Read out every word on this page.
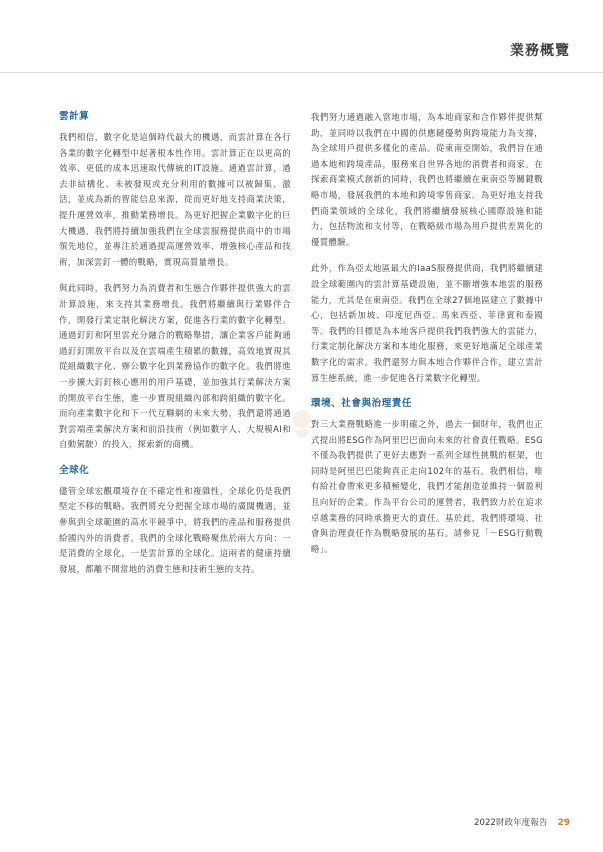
業務概覽
雲計算

我們相信，數字化是這個時代最大的機遇，而雲計算在各行各業的數字化轉型中起著根本性作用。雲計算正在以更高的效率、更低的成本迅速取代傳統的IT設施。通過雲計算，過去非結構化、未被發現或充分利用的數據可以被歸集、激活，並成為新的智能信息來源，從而更好地支持商業決策，提升運營效率，推動業務增長。為更好把握企業數字化的巨大機遇，我們將持續加強我們在全球雲服務提供商中的市場領先地位，並專注於通過提高運營效率、增強核心產品和技術，加深雲釘一體的戰略，實現高質量增長。

與此同時，我們努力為消費者和生態合作夥伴提供強大的雲計算設施，來支持其業務增長。我們將繼續與行業夥伴合作，開發行業定制化解決方案，促進各行業的數字化轉型。通過釘釘和阿里雲充分融合的戰略舉措，讓企業客戶能夠通過釘釘開放平台以及在雲端產生積累的數據，高效地實現其從組織數字化、辦公數字化到業務協作的數字化。我們將進一步擴大釘釘核心應用的用戶基礎，並加強其行業解決方案的開放平台生態，進一步實現組織內部和跨組織的數字化。而向產業數字化和下一代互聯網的未來大勢，我們還將通過對雲端產業解決方案和前沿技術（例如數字人、大規模AI和自動駕駛）的投入，探索新的商機。

全球化

儘管全球宏觀環境存在不確定性和複雜性，全球化仍是我們堅定不移的戰略。我們將充分把握全球市場的廣闊機遇，並參與到全球範圍的高水平競爭中，將我們的產品和服務提供給國內外的消費者。我們的全球化戰略聚焦於兩大方向：一是消費的全球化，一是雲計算的全球化。這兩者的健康持續發展，都離不開當地的消費生態和技術生態的支持。

我們努力通過融入當地市場，為本地商家和合作夥伴提供幫助，並同時以我們在中國的供應鏈優勢與跨境能力為支撐，為全球用戶提供多樣化的產品。從東南亞開始，我們旨在通過本地和跨境產品，服務來自世界各地的消費者和商家。在探索商業模式創新的同時，我們也將繼續在東南亞等關鍵戰略市場，發展我們的本地和跨境零售商家。為更好地支持我們商業領域的全球化，我們將繼續發展核心國際設施和能力，包括物流和支付等，在戰略級市場為用戶提供差異化的優質體驗。

此外，作為亞太地區最大的IaaS服務提供商，我們將繼續建設全球範圍內的雲計算基礎設施，並不斷增強本地雲的服務能力，尤其是在東南亞。我們在全球27個地區建立了數據中心，包括新加坡、印度尼西亞、馬來西亞、菲律賓和泰國等。我們的目標是為本地客戶提供我們我們強大的雲能力，行業定制化解決方案和本地化服務，來更好地滿足全球產業數字化的需求。我們還努力與本地合作夥伴合作，建立雲計算生態系統，進一步促進各行業數字化轉型。

環境、社會與治理責任

對三大業務戰略進一步明確之外，過去一個財年，我們也正式提出將ESG作為阿里巴巴面向未來的社會責任戰略。ESG不僅為我們提供了更好去應對一系列全球性挑戰的框架，也同時是阿里巴巴能夠真正走向102年的基石。我們相信，唯有給社會帶來更多積極變化，我們才能創造並維持一個盈利且向好的企業。作為平台公司的運營者，我們致力於在追求卓越業務的同時承擔更大的責任。基於此，我們將環境、社會與治理責任作為戰略發展的基石。請參見「－ESG行動戰略」。

2022財政年度報告 29
